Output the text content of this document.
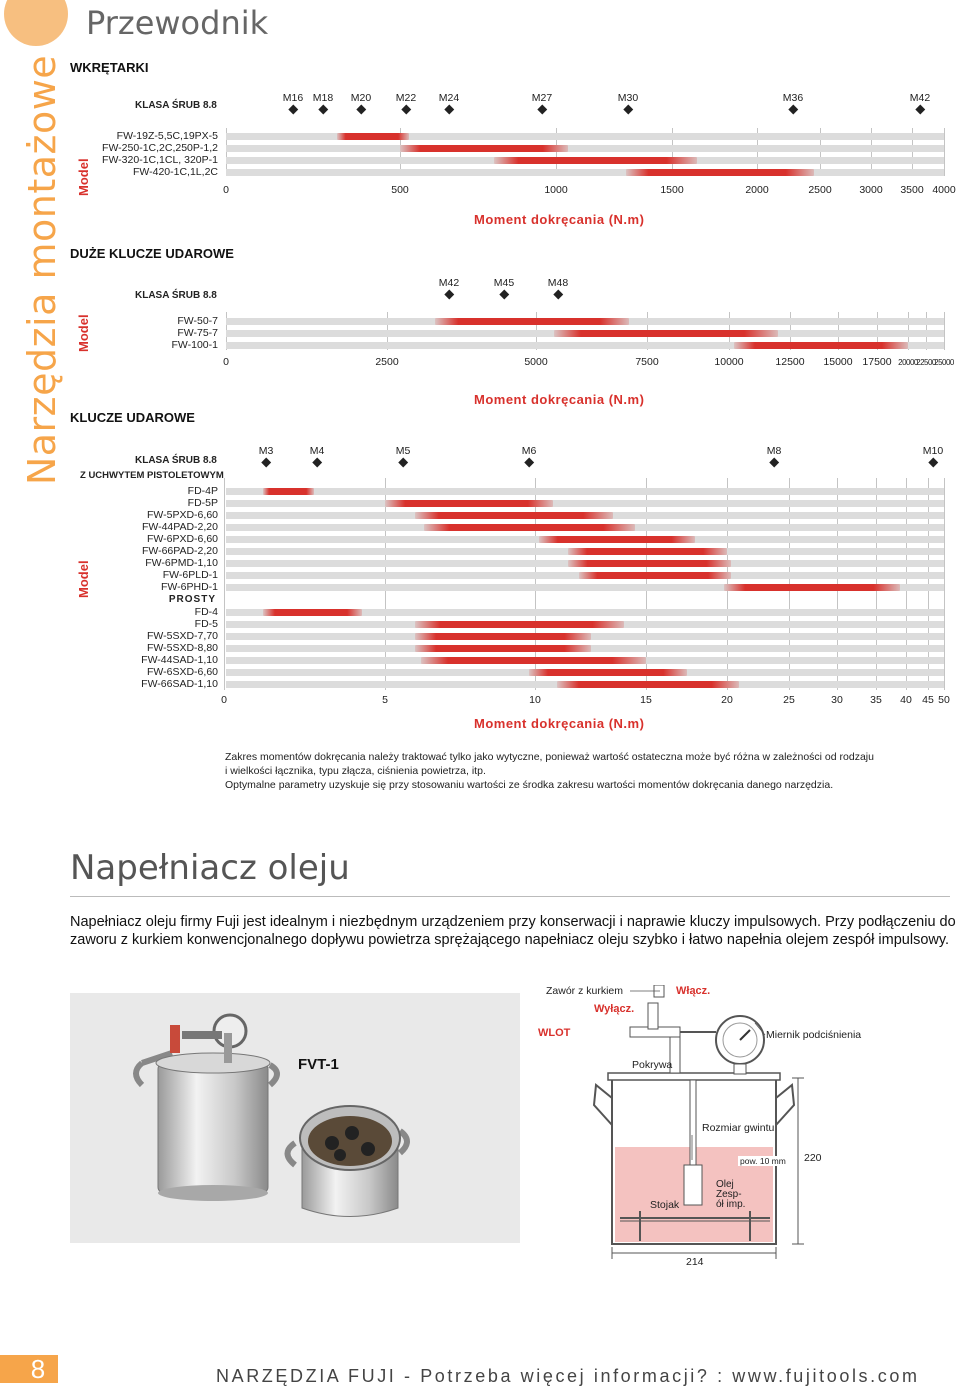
Narzędzia montażowe
Przewodnik
WKRĘTARKI
KLASA ŚRUB 8.8
Model
FW-19Z-5,5C,19PX-5
FW-250-1C,2C,250P-1,2
FW-320-1C,1CL, 320P-1
FW-420-1C,1L,2C
0	500	1000	1500	2000	2500	3000 3500 4000
M16 M18 M20 M22 M24	M27	M30	M36	M42
Moment dokręcania (N.m)
DUŻE KLUCZE UDAROWE
KLASA ŚRUB 8.8
Model	FW-50-7
FW-75-7
FW-100-1
0	2500	5000	7500	10000	12500 15000 17500 20000
22500
25000
M42	M45	M48
Moment dokręcania (N.m)
KLUCZE UDAROWE
KLASA ŚRUB 8.8
Z UCHWYTEM PISTOLETOWYM
PROSTY
Model
FD-4P
FD-5P
FW-5PXD-6,60
FW-44PAD-2,20
FW-6PXD-6,60
FW-66PAD-2,20
FW-6PMD-1,10
FW-6PLD-1
FW-6PHD-1
FD-4
FD-5
FW-5SXD-7,70
FW-5SXD-8,80
FW-44SAD-1,10
FW-6SXD-6,60
FW-66SAD-1,10
0	5	10	15	20	25	30	35 40 45 50
M3	M4	M5	M6	M8	M10
Moment dokręcania (N.m)
Zakres momentów dokręcania należy traktować tylko jako wytyczne, ponieważ wartość ostateczna może być różna w zależności od rodzaju
i wielkości łącznika, typu złącza, ciśnienia powietrza, itp.
Optymalne parametry uzyskuje się przy stosowaniu wartości ze środka zakresu wartości momentów dokręcania danego narzędzia.
Napełniacz oleju
Napełniacz oleju firmy Fuji jest idealnym i niezbędnym urządzeniem przy konserwacji i naprawie kluczy impulsowych. Przy podłączeniu do zaworu z kurkiem konwencjonalnego dopływu powietrza sprężającego napełniacz oleju szybko i łatwo napełnia olejem zespół impulsowy.
FVT-1
Zawór z kurkiem	Włącz.
Wyłącz.
WLOT	Miernik podciśnienia
Pokrywa
Rozmiar gwintu
pow. 10 mm
Stojak
Olej
Zesp-
ół imp.
220
214
8	NARZĘDZIA FUJI - Potrzeba więcej informacji? : www.fujitools.com
